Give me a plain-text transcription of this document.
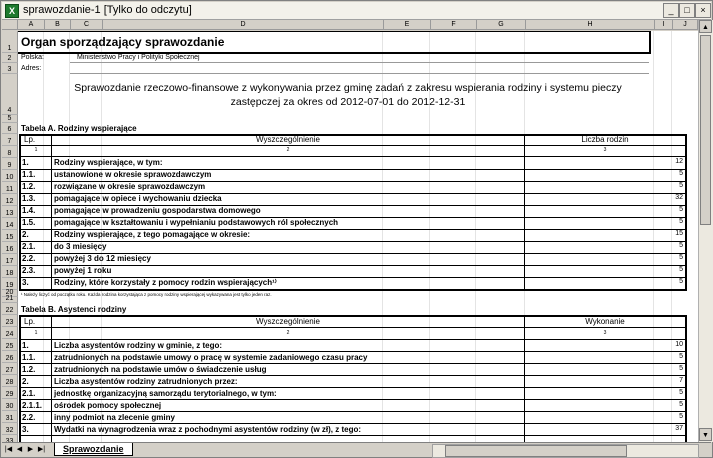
X sprawozdanie-1 [Tylko do odczytu]	_	□	×
A	B	C	D	E	F	G	H	I	J
1
2
3
4
5
6
7
8
9
10
11
12
13
14
15
16
17
18
19
20
21
22
23
24
25
26
27
28
29
30
31
32
Organ sporządzający sprawozdanie
Polska:	Ministerstwo Pracy i Polityki Społecznej
Adres:
Sprawozdanie rzeczowo-finansowe z wykonywania przez gminę zadań z zakresu wspierania rodziny i systemu pieczy
zastępczej za okres od 2012-07-01 do 2012-12-31
Tabela A. Rodziny wspierające
Lp.	Wyszczególnienie	Liczba rodzin
1	2	3
1.	Rodziny wspierające, w tym:	12
1.1. ustanowione w okresie sprawozdawczym	5
1.2. rozwiązane w okresie sprawozdawczym	5
1.3. pomagające w opiece i wychowaniu dziecka	32
1.4. pomagające w prowadzeniu gospodarstwa domowego	5
1.5. pomagające w kształtowaniu i wypełnianiu podstawowych ról społecznych	5
2.	Rodziny wspierające, z tego pomagające w okresie:	15
2.1. do 3 miesięcy	5
2.2. powyżej 3 do 12 miesięcy	5
2.3. powyżej 1 roku	5
3.	Rodziny, które korzystały z pomocy rodzin wspierających¹⁾	5
¹ Należy liczyć od początku roku. Każda rodzina korzystająca z pomocy rodziny wspierającej wykazywana jest tylko jeden raz.
Tabela B. Asystenci rodziny
Lp.	Wyszczególnienie	Wykonanie
1	2	3
1.	Liczba asystentów rodziny w gminie, z tego:	10
1.1. zatrudnionych na podstawie umowy o pracę w systemie zadaniowego czasu pracy	5
1.2. zatrudnionych na podstawie umów o świadczenie usług	5
2.	Liczba asystentów rodziny zatrudnionych przez:	7
2.1. jednostkę organizacyjną samorządu terytorialnego, w tym:	5
2.1.1. ośrodek pomocy społecznej	5
2.2. inny podmiot na zlecenie gminy	5
3.	Wydatki na wynagrodzenia wraz z pochodnymi asystentów rodziny (w zł), z tego:	37
▲
▼
|◀ ◀ ▶ ▶|	Sprawozdanie
